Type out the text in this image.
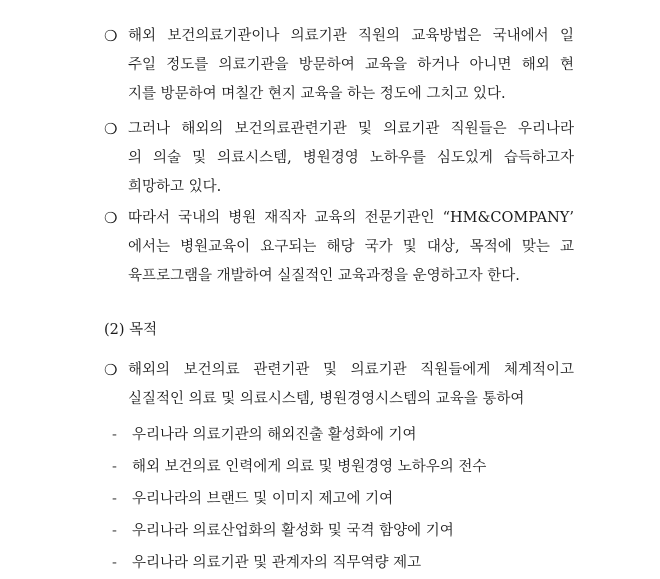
❍ 해외 보건의료기관이나 의료기관 직원의 교육방법은 국내에서 일
주일 정도를 의료기관을 방문하여 교육을 하거나 아니면 해외 현
지를 방문하여 며칠간 현지 교육을 하는 정도에 그치고 있다.
❍ 그러나 해외의 보건의료관련기관 및 의료기관 직원들은 우리나라
의 의술 및 의료시스템, 병원경영 노하우를 심도있게 습득하고자
희망하고 있다.
❍ 따라서 국내의 병원 재직자 교육의 전문기관인 “HM&COMPANY’
에서는 병원교육이 요구되는 해당 국가 및 대상, 목적에 맞는 교
육프로그램을 개발하여 실질적인 교육과정을 운영하고자 한다.
(2) 목적
❍ 해외의 보건의료 관련기관 및 의료기관 직원들에게 체계적이고
실질적인 의료 및 의료시스템, 병원경영시스템의 교육을 통하여
-	우리나라 의료기관의 해외진출 활성화에 기여
-	해외 보건의료 인력에게 의료 및 병원경영 노하우의 전수
-	우리나라의 브랜드 및 이미지 제고에 기여
-	우리나라 의료산업화의 활성화 및 국격 함양에 기여
-	우리나라 의료기관 및 관계자의 직무역량 제고
